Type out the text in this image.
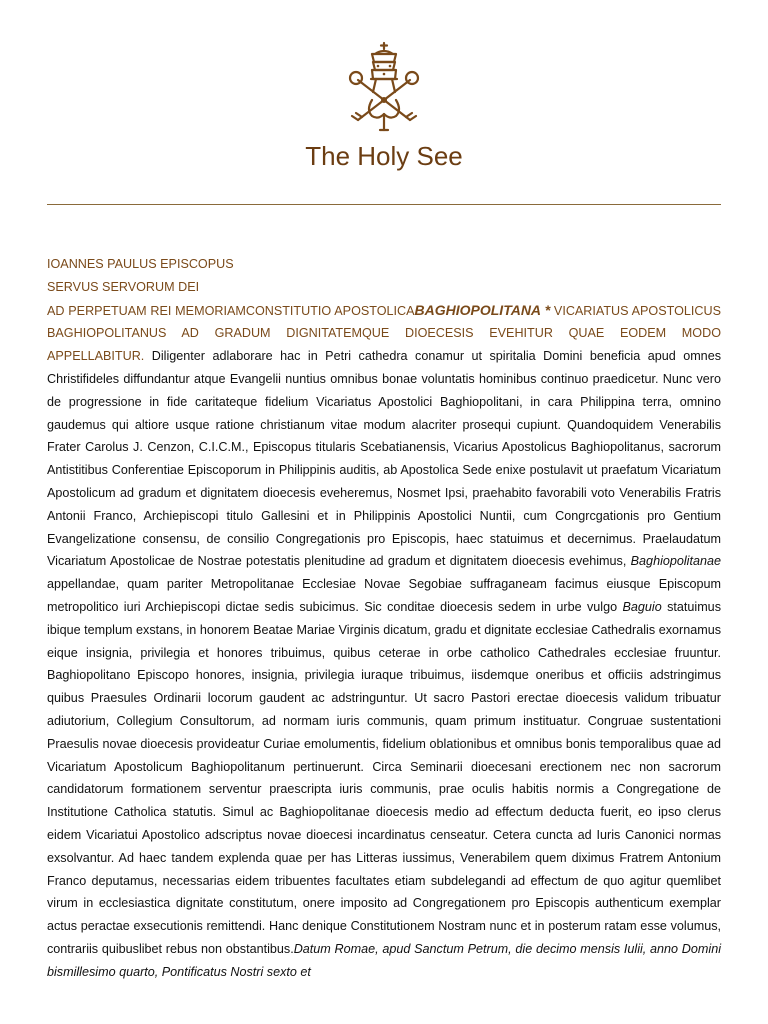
The Holy See

IOANNES PAULUS EPISCOPUS

SERVUS SERVORUM DEI

AD PERPETUAM REI MEMORIAMCONSTITUTIO APOSTOLICABAGHIOPOLITANA * VICARIATUS APOSTOLICUS BAGHIOPOLITANUS AD GRADUM DIGNITATEMQUE DIOECESIS EVEHITUR QUAE EODEM MODO APPELLABITUR. Diligenter adlaborare hac in Petri cathedra conamur ut spiritalia Domini beneficia apud omnes Christifideles diffundantur atque Evangelii nuntius omnibus bonae voluntatis hominibus continuo praedicetur. Nunc vero de progressione in fide caritateque fidelium Vicariatus Apostolici Baghiopolitani, in cara Philippina terra, omnino gaudemus qui altiore usque ratione christianum vitae modum alacriter prosequi cupiunt. Quandoquidem Venerabilis Frater Carolus J. Cenzon, C.I.C.M., Episcopus titularis Scebatianensis, Vicarius Apostolicus Baghiopolitanus, sacrorum Antistitibus Conferentiae Episcoporum in Philippinis auditis, ab Apostolica Sede enixe postulavit ut praefatum Vicariatum Apostolicum ad gradum et dignitatem dioecesis eveheremus, Nosmet Ipsi, praehabito favorabili voto Venerabilis Fratris Antonii Franco, Archiepiscopi titulo Gallesini et in Philippinis Apostolici Nuntii, cum Congrcgationis pro Gentium Evangelizatione consensu, de consilio Congregationis pro Episcopis, haec statuimus et decernimus. Praelaudatum Vicariatum Apostolicae de Nostrae potestatis plenitudine ad gradum et dignitatem dioecesis evehimus, Baghiopolitanae appellandae, quam pariter Metropolitanae Ecclesiae Novae Segobiae suffraganeam facimus eiusque Episcopum metropolitico iuri Archiepiscopi dictae sedis subicimus. Sic conditae dioecesis sedem in urbe vulgo Baguio statuimus ibique templum exstans, in honorem Beatae Mariae Virginis dicatum, gradu et dignitate ecclesiae Cathedralis exornamus eique insignia, privilegia et honores tribuimus, quibus ceterae in orbe catholico Cathedrales ecclesiae fruuntur. Baghiopolitano Episcopo honores, insignia, privilegia iuraque tribuimus, iisdemque oneribus et officiis adstringimus quibus Praesules Ordinarii locorum gaudent ac adstringuntur. Ut sacro Pastori erectae dioecesis validum tribuatur adiutorium, Collegium Consultorum, ad normam iuris communis, quam primum instituatur. Congruae sustentationi Praesulis novae dioecesis provideatur Curiae emolumentis, fidelium oblationibus et omnibus bonis temporalibus quae ad Vicariatum Apostolicum Baghiopolitanum pertinuerunt. Circa Seminarii dioecesani erectionem nec non sacrorum candidatorum formationem serventur praescripta iuris communis, prae oculis habitis normis a Congregatione de Institutione Catholica statutis. Simul ac Baghiopolitanae dioecesis medio ad effectum deducta fuerit, eo ipso clerus eidem Vicariatui Apostolico adscriptus novae dioecesi incardinatus censeatur. Cetera cuncta ad Iuris Canonici normas exsolvantur. Ad haec tandem explenda quae per has Litteras iussimus, Venerabilem quem diximus Fratrem Antonium Franco deputamus, necessarias eidem tribuentes facultates etiam subdelegandi ad effectum de quo agitur quemlibet virum in ecclesiastica dignitate constitutum, onere imposito ad Congregationem pro Episcopis authenticum exemplar actus peractae exsecutionis remittendi. Hanc denique Constitutionem Nostram nunc et in posterum ratam esse volumus, contrariis quibuslibet rebus non obstantibus.Datum Romae, apud Sanctum Petrum, die decimo mensis Iulii, anno Domini bismillesimo quarto, Pontificatus Nostri sexto et
